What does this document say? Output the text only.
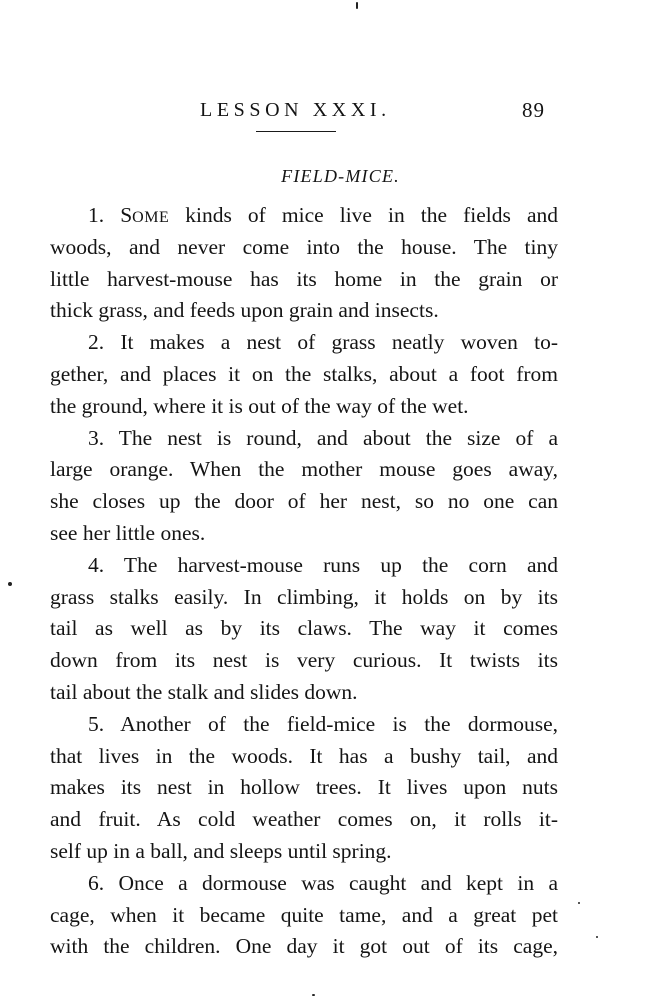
LESSON XXXI.	89
FIELD-MICE.
1. SOME kinds of mice live in the fields and
woods, and never come into the house. The tiny
little harvest-mouse has its home in the grain or
thick grass, and feeds upon grain and insects.
2. It makes a nest of grass neatly woven to-
gether, and places it on the stalks, about a foot from
the ground, where it is out of the way of the wet.
3. The nest is round, and about the size of a
large orange. When the mother mouse goes away,
she closes up the door of her nest, so no one can
see her little ones.
4. The harvest-mouse runs up the corn and
grass stalks easily. In climbing, it holds on by its
tail as well as by its claws. The way it comes
down from its nest is very curious. It twists its
tail about the stalk and slides down.
5. Another of the field-mice is the dormouse,
that lives in the woods. It has a bushy tail, and
makes its nest in hollow trees. It lives upon nuts
and fruit. As cold weather comes on, it rolls it-
self up in a ball, and sleeps until spring.
6. Once a dormouse was caught and kept in a
cage, when it became quite tame, and a great pet
with the children. One day it got out of its cage,
